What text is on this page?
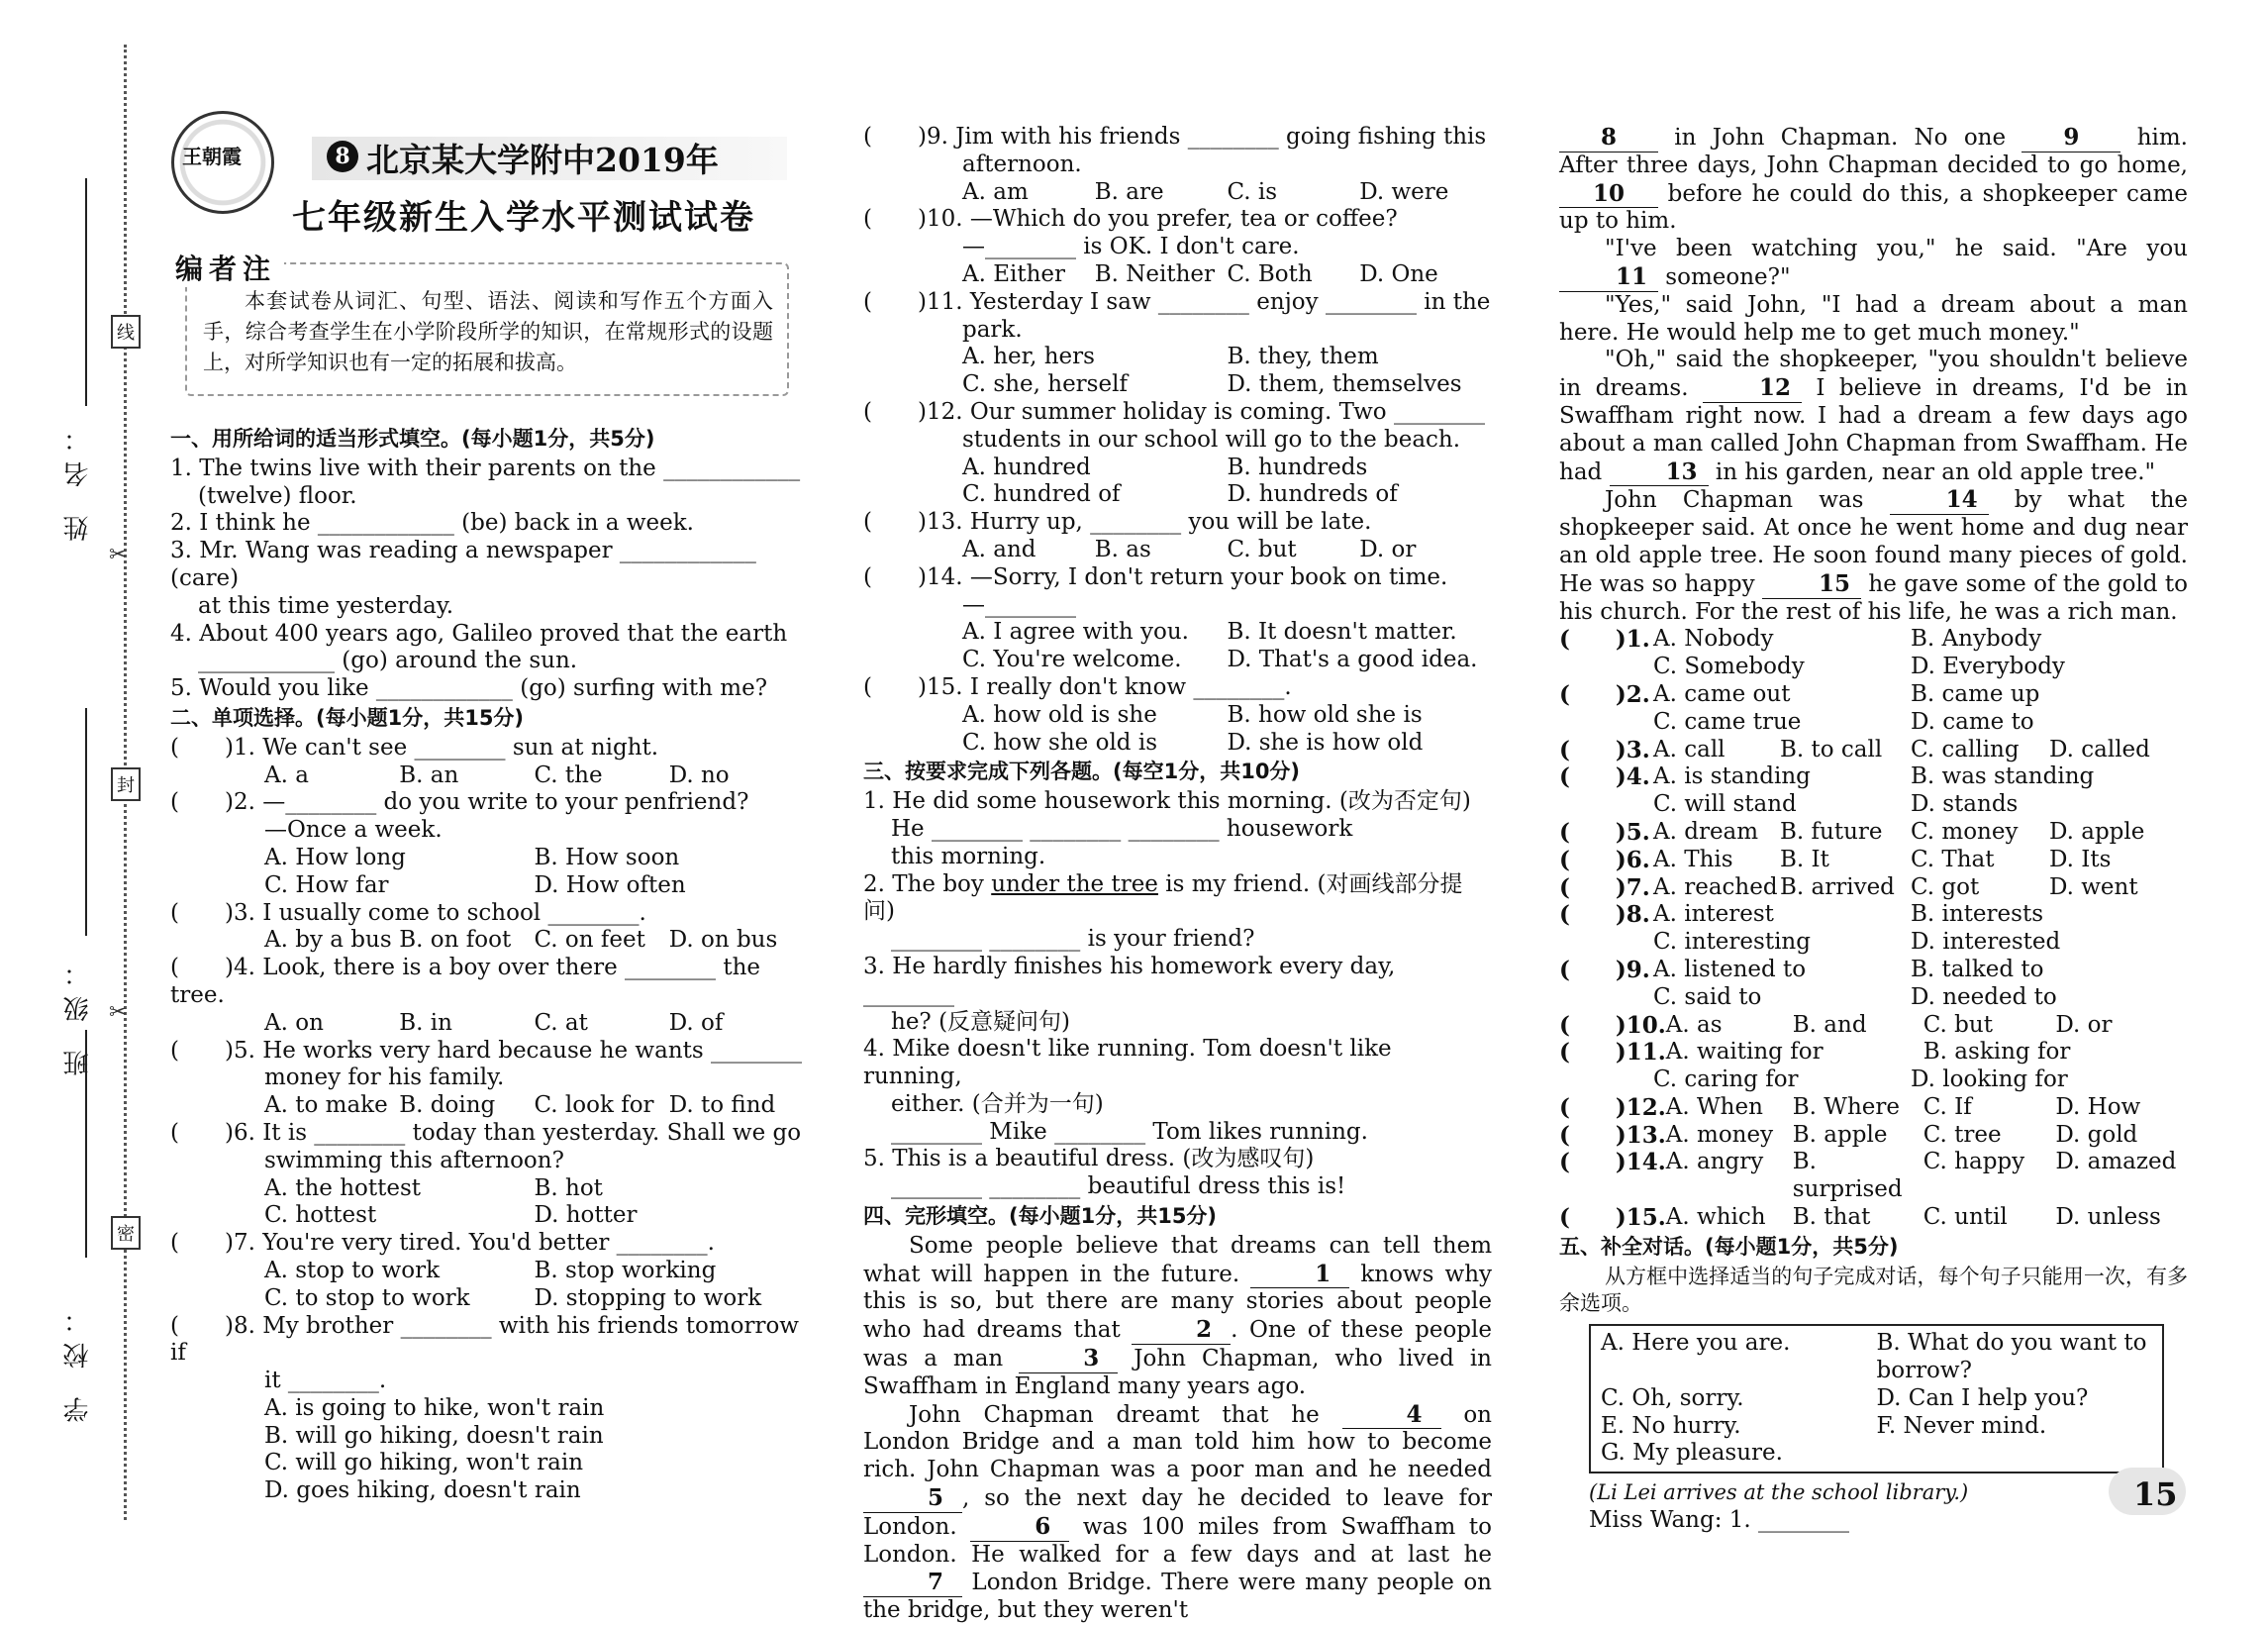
姓 名：
班 级：
学 校：
线
封
密
✂
✂
王朝霞	8 北京某大学附中2019年
七年级新生入学水平测试试卷
本套试卷从词汇、句型、语法、阅读和写作五个方面入手，综合考查学生在小学阶段所学的知识，在常规形式的设题上，对所学知识也有一定的拓展和拔高。
编者注
一、用所给词的适当形式填空。(每小题1分，共5分)

1. The twins live with their parents on the ____________

(twelve) floor.

2. I think he ____________ (be) back in a week.

3. Mr. Wang was reading a newspaper ____________ (care)

at this time yesterday.

4. About 400 years ago, Galileo proved that the earth

____________ (go) around the sun.

5. Would you like ____________ (go) surfing with me?

二、单项选择。(每小题1分，共15分)

(　　)1. We can't see ________ sun at night.

A. a	B. an	C. the	D. no

(　　)2. —________ do you write to your penfriend?

—Once a week.

A. How long	B. How soon
C. How far	D. How often

(　　)3. I usually come to school ________.

A. by a bus B. on foot	C. on feet	D. on bus

(　　)4. Look, there is a boy over there ________ the tree.

A. on	B. in	C. at	D. of

(　　)5. He works very hard because he wants ________

money for his family.

A. to make B. doing	C. look for D. to find

(　　)6. It is ________ today than yesterday. Shall we go

swimming this afternoon?

A. the hottest	B. hot
C. hottest	D. hotter

(　　)7. You're very tired. You'd better ________.

A. stop to work	B. stop working
C. to stop to work	D. stopping to work

(　　)8. My brother ________ with his friends tomorrow if

it ________.

A. is going to hike, won't rain

B. will go hiking, doesn't rain

C. will go hiking, won't rain

D. goes hiking, doesn't rain

(　　)9. Jim with his friends ________ going fishing this

afternoon.

A. am	B. are	C. is	D. were

(　　)10. —Which do you prefer, tea or coffee?

—________ is OK. I don't care.

A. Either	B. Neither C. Both	D. One

(　　)11. Yesterday I saw ________ enjoy ________ in the

park.

A. her, hers	B. they, them
C. she, herself	D. them, themselves

(　　)12. Our summer holiday is coming. Two ________

students in our school will go to the beach.

A. hundred	B. hundreds
C. hundred of	D. hundreds of

(　　)13. Hurry up, ________ you will be late.

A. and	B. as	C. but	D. or

(　　)14. —Sorry, I don't return your book on time.

—________

A. I agree with you.	B. It doesn't matter.
C. You're welcome.	D. That's a good idea.

(　　)15. I really don't know ________.

A. how old is she	B. how old she is
C. how she old is	D. she is how old
三、按要求完成下列各题。(每空1分，共10分)

1. He did some housework this morning. (改为否定句)

He ________ ________ ________ housework

this morning.

2. The boy under the tree is my friend. (对画线部分提问)

________ ________ is your friend?

3. He hardly finishes his homework every day, ________

he? (反意疑问句)

4. Mike doesn't like running. Tom doesn't like running,

either. (合并为一句)

________ Mike ________ Tom likes running.

5. This is a beautiful dress. (改为感叹句)

________ ________ beautiful dress this is!

四、完形填空。(每小题1分，共15分)

Some people believe that dreams can tell them what will happen in the future.	1 knows why this is so, but there are many stories about people who had dreams that	2 . One of these people was a man	3 John Chapman, who lived in Swaffham in England many years ago.

John Chapman dreamt that he	4 on London Bridge and a man told him how to become rich. John Chapman was a poor man and he needed 5 , so the next day he decided to leave for London.	6 was 100 miles from Swaffham to London. He walked for a few days and at last he 7 London Bridge. There were many people on the bridge, but they weren't

8 in John Chapman. No one 9 him. After three days, John Chapman decided to go home, 10 before he could do this, a shopkeeper came up to him.

"I've been watching you," he said. "Are you 11 someone?"

"Yes," said John, "I had a dream about a man here. He would help me to get much money."

"Oh," said the shopkeeper, "you shouldn't believe in dreams. 12 I believe in dreams, I'd be in Swaffham right now. I had a dream a few days ago about a man called John Chapman from Swaffham. He had 13 in his garden, near an old apple tree."

John Chapman was 14 by what the shopkeeper said. At once he went home and dug near an old apple tree. He soon found many pieces of gold. He was so happy 15 he gave some of the gold to his church. For the rest of his life, he was a rich man.

(　　)1. A. Nobody	B. Anybody
C. Somebody	D. Everybody
(　　)2. A. came out	B. came up
C. came true	D. came to
(　　)3. A. call	B. to call	C. calling	D. called
(　　)4. A. is standing	B. was standing
C. will stand	D. stands
(　　)5. A. dream B. future	C. money	D. apple
(　　)6. A. This	B. It	C. That	D. Its
(　　)7. A. reached B. arrived C. got	D. went
(　　)8. A. interest	B. interests
C. interesting	D. interested
(　　)9. A. listened to	B. talked to
C. said to	D. needed to
(　　)10. A. as	B. and	C. but	D. or
(　　)11. A. waiting for	B. asking for
C. caring for	D. looking for
(　　)12. A. When	B. Where	C. If	D. How
(　　)13. A. money B. apple	C. tree	D. gold
(　　)14. A. angry	B. surprised
C. happy	D. amazed
(　　)15. A. which	B. that	C. until	D. unless
五、补全对话。(每小题1分，共5分)

从方框中选择适当的句子完成对话，每个句子只能用一次，有多余选项。

A. Here you are.	B. What do you want to borrow?
C. Oh, sorry.	D. Can I help you?
E. No hurry.	F. Never mind.
G. My pleasure.

(Li Lei arrives at the school library.)

Miss Wang: 1. ________

15
